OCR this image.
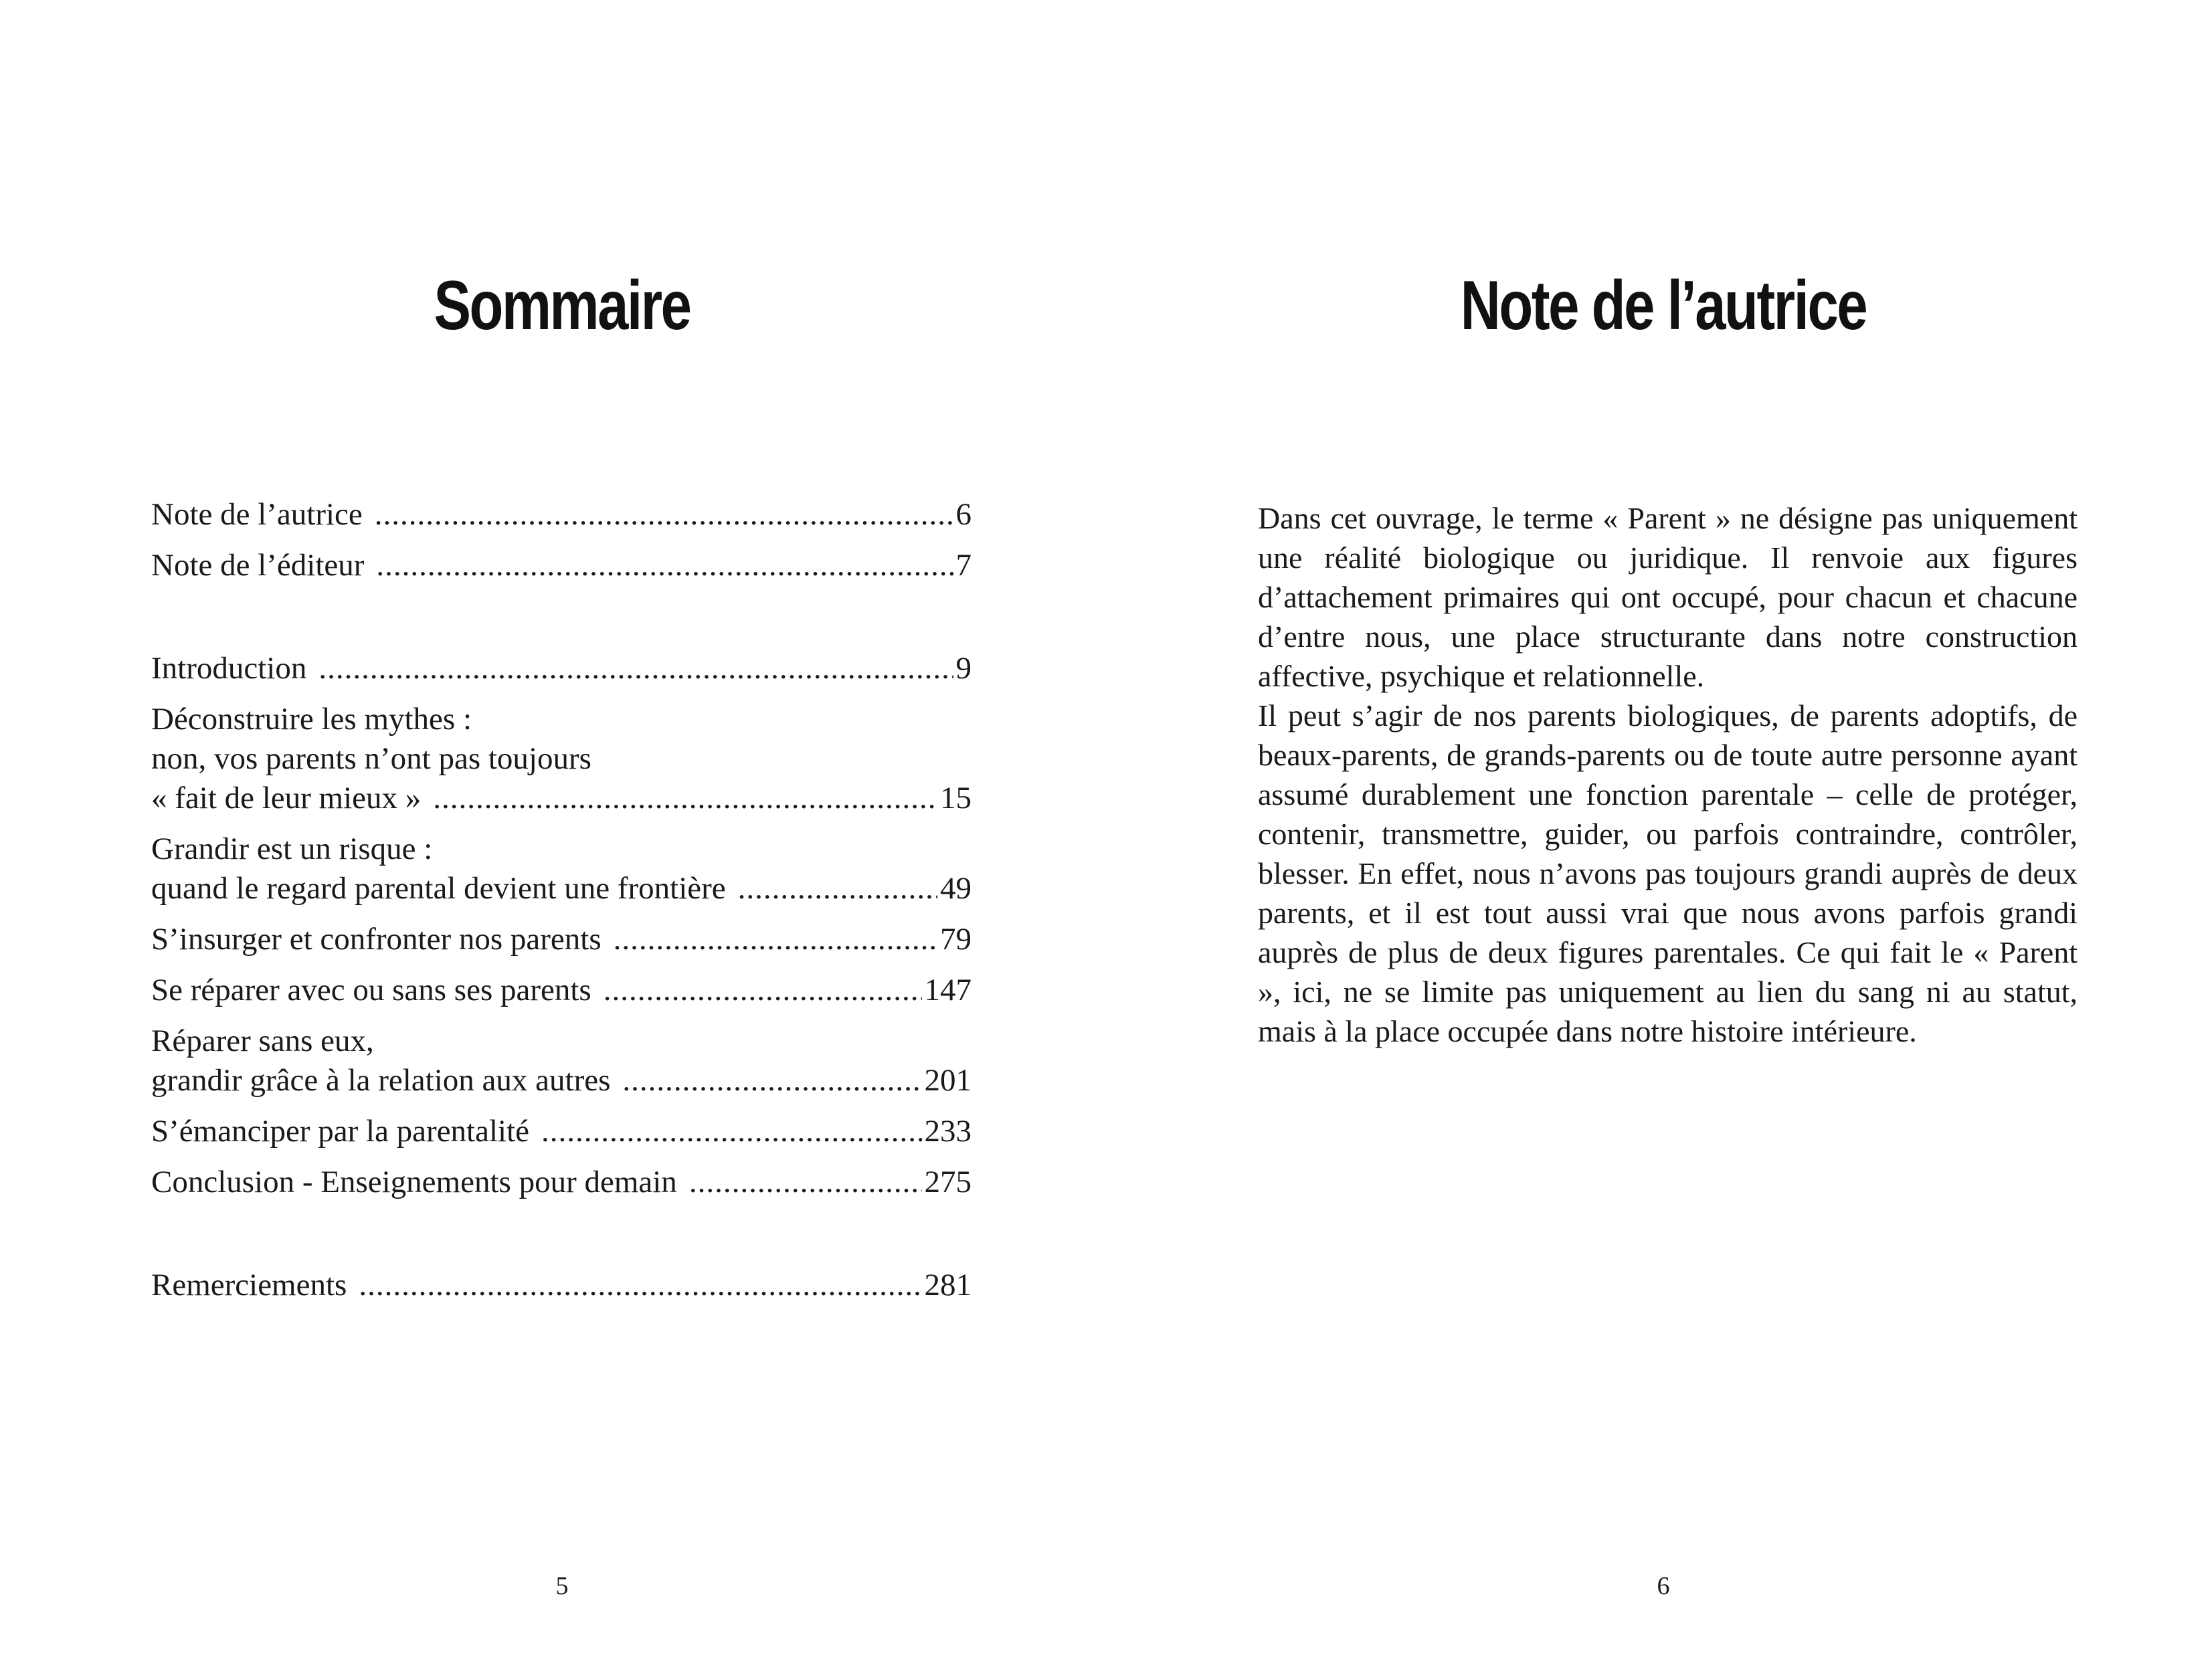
Sommaire
Note de l’autrice .....	6
Note de l’éditeur .....	7
Introduction .....	9
Déconstruire les mythes :
non, vos parents n’ont pas toujours
« fait de leur mieux » .....	15
Grandir est un risque :
quand le regard parental devient une frontière .....	49
S’insurger et confronter nos parents .....	79
Se réparer avec ou sans ses parents .....	147
Réparer sans eux,
grandir grâce à la relation aux autres .....	201
S’émanciper par la parentalité .....	233
Conclusion - Enseignements pour demain .....	275
Remerciements .....	281

5

Note de l’autrice

Dans cet ouvrage, le terme « Parent » ne désigne pas uniquement une réalité biologique ou juridique. Il renvoie aux figures d’attachement primaires qui ont occupé, pour chacun et chacune d’entre nous, une place structurante dans notre construction affective, psychique et relationnelle.

Il peut s’agir de nos parents biologiques, de parents adoptifs, de beaux-parents, de grands-parents ou de toute autre personne ayant assumé durablement une fonction parentale – celle de protéger, contenir, transmettre, guider, ou parfois contraindre, contrôler, blesser. En effet, nous n’avons pas toujours grandi auprès de deux parents, et il est tout aussi vrai que nous avons parfois grandi auprès de plus de deux figures parentales. Ce qui fait le « Parent », ici, ne se limite pas uniquement au lien du sang ni au statut, mais à la place occupée dans notre histoire intérieure.

6
